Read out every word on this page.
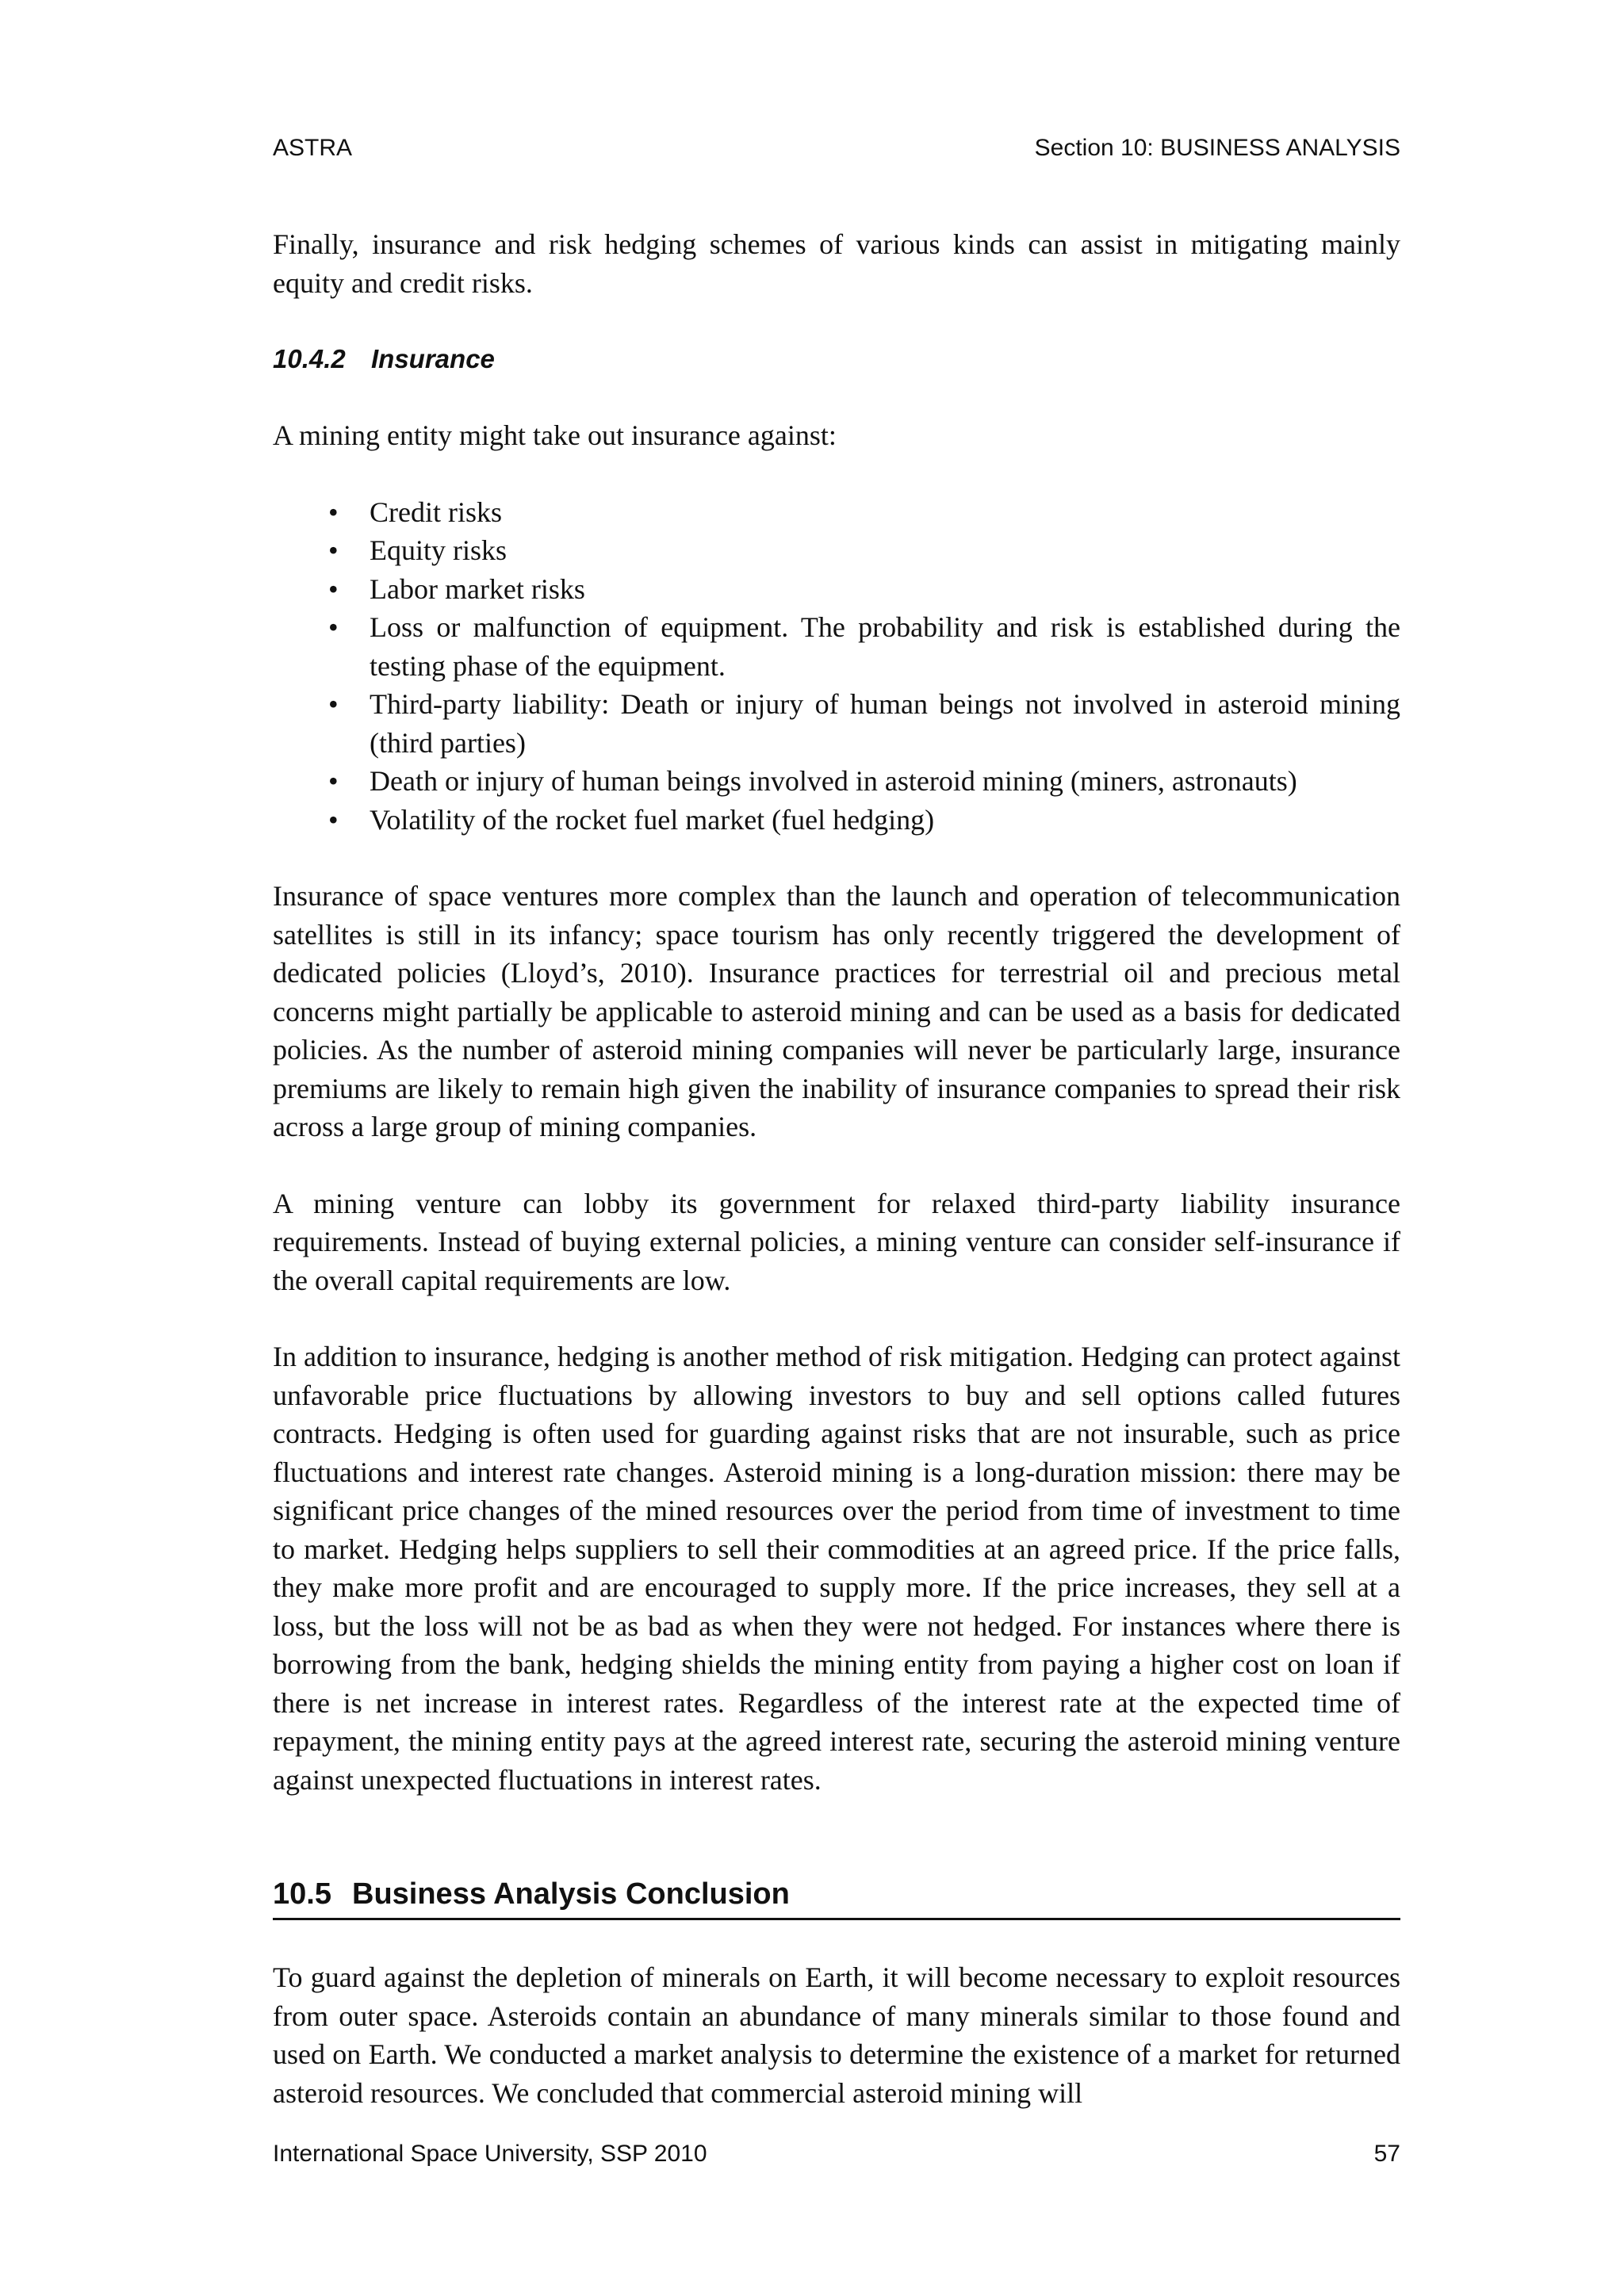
ASTRA	Section 10: BUSINESS ANALYSIS

Finally, insurance and risk hedging schemes of various kinds can assist in mitigating mainly equity and credit risks.

10.4.2 Insurance

A mining entity might take out insurance against:

• Credit risks
• Equity risks
• Labor market risks
• Loss or malfunction of equipment. The probability and risk is established during the testing phase of the equipment.
• Third-party liability: Death or injury of human beings not involved in asteroid mining (third parties)
• Death or injury of human beings involved in asteroid mining (miners, astronauts)
• Volatility of the rocket fuel market (fuel hedging)

Insurance of space ventures more complex than the launch and operation of telecommunication satellites is still in its infancy; space tourism has only recently triggered the development of dedicated policies (Lloyd’s, 2010). Insurance practices for terrestrial oil and precious metal concerns might partially be applicable to asteroid mining and can be used as a basis for dedicated policies. As the number of asteroid mining companies will never be particularly large, insurance premiums are likely to remain high given the inability of insurance companies to spread their risk across a large group of mining companies.

A mining venture can lobby its government for relaxed third-party liability insurance requirements. Instead of buying external policies, a mining venture can consider self-insurance if the overall capital requirements are low.

In addition to insurance, hedging is another method of risk mitigation. Hedging can protect against unfavorable price fluctuations by allowing investors to buy and sell options called futures contracts. Hedging is often used for guarding against risks that are not insurable, such as price fluctuations and interest rate changes. Asteroid mining is a long-duration mission: there may be significant price changes of the mined resources over the period from time of investment to time to market. Hedging helps suppliers to sell their commodities at an agreed price. If the price falls, they make more profit and are encouraged to supply more. If the price increases, they sell at a loss, but the loss will not be as bad as when they were not hedged. For instances where there is borrowing from the bank, hedging shields the mining entity from paying a higher cost on loan if there is net increase in interest rates. Regardless of the interest rate at the expected time of repayment, the mining entity pays at the agreed interest rate, securing the asteroid mining venture against unexpected fluctuations in interest rates.

10.5 Business Analysis Conclusion

To guard against the depletion of minerals on Earth, it will become necessary to exploit resources from outer space. Asteroids contain an abundance of many minerals similar to those found and used on Earth. We conducted a market analysis to determine the existence of a market for returned asteroid resources. We concluded that commercial asteroid mining will

International Space University, SSP 2010	57
